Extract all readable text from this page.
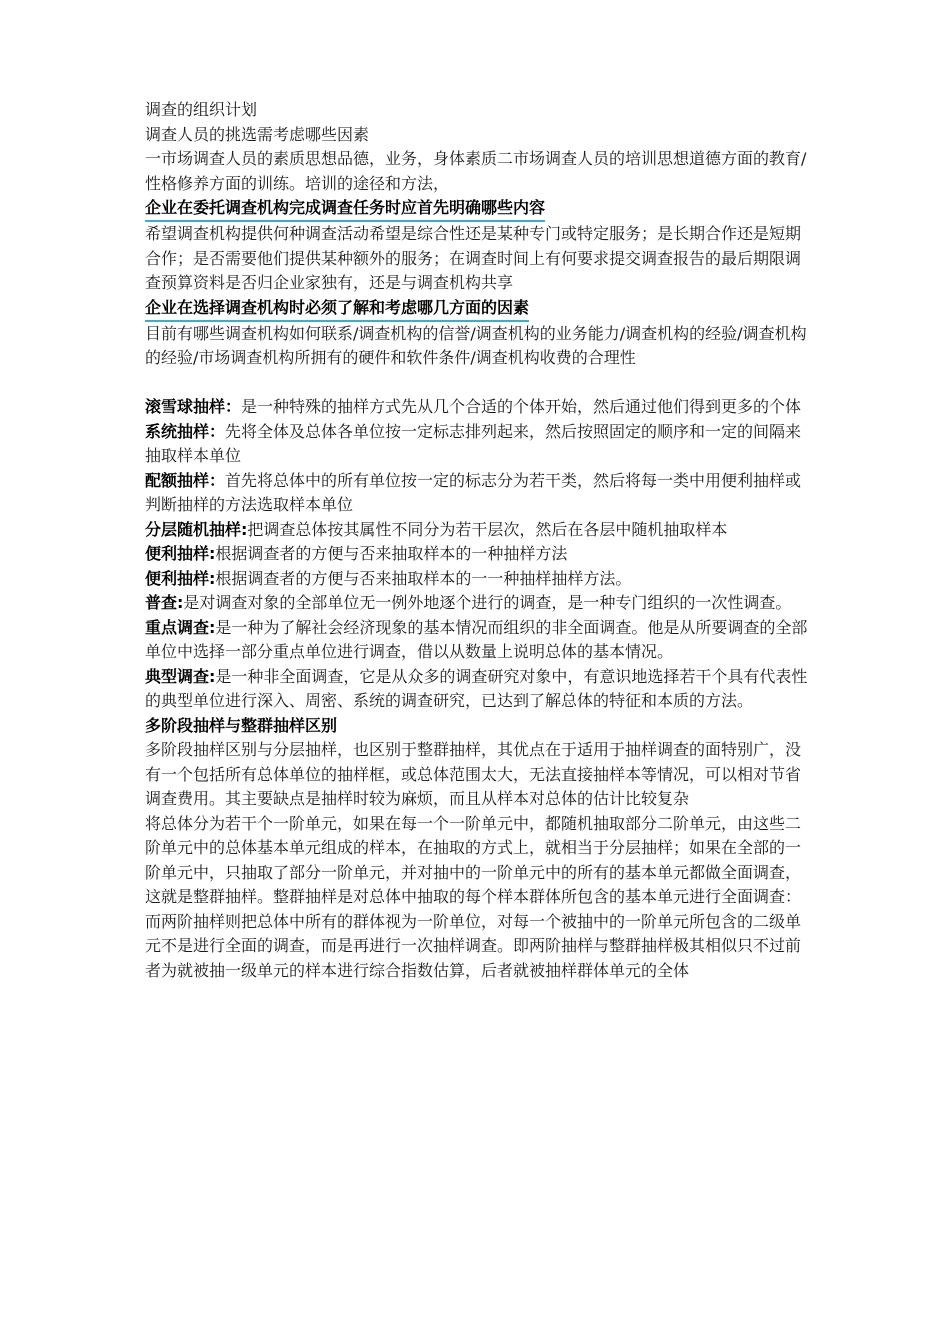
调查的组织计划

调查人员的挑选需考虑哪些因素

一市场调查人员的素质思想品德，业务，身体素质二市场调查人员的培训思想道德方面的教育/性格修养方面的训练。培训的途径和方法，

企业在委托调查机构完成调查任务时应首先明确哪些内容

希望调查机构提供何种调查活动希望是综合性还是某种专门或特定服务；是长期合作还是短期合作；是否需要他们提供某种额外的服务；在调查时间上有何要求提交调查报告的最后期限调查预算资料是否归企业家独有，还是与调查机构共享

企业在选择调查机构时必须了解和考虑哪几方面的因素

目前有哪些调查机构如何联系/调查机构的信誉/调查机构的业务能力/调查机构的经验/调查机构的经验/市场调查机构所拥有的硬件和软件条件/调查机构收费的合理性

滚雪球抽样：是一种特殊的抽样方式先从几个合适的个体开始，然后通过他们得到更多的个体

系统抽样：先将全体及总体各单位按一定标志排列起来，然后按照固定的顺序和一定的间隔来抽取样本单位

配额抽样：首先将总体中的所有单位按一定的标志分为若干类，然后将每一类中用便利抽样或判断抽样的方法选取样本单位

分层随机抽样:把调查总体按其属性不同分为若干层次，然后在各层中随机抽取样本

便利抽样:根据调查者的方便与否来抽取样本的一种抽样方法

便利抽样:根据调查者的方便与否来抽取样本的一一种抽样抽样方法。

普查:是对调查对象的全部单位无一例外地逐个进行的调查，是一种专门组织的一次性调查。

重点调查:是一种为了解社会经济现象的基本情况而组织的非全面调查。他是从所要调查的全部单位中选择一部分重点单位进行调查，借以从数量上说明总体的基本情况。

典型调查:是一种非全面调查，它是从众多的调查研究对象中，有意识地选择若干个具有代表性的典型单位进行深入、周密、系统的调查研究，已达到了解总体的特征和本质的方法。

多阶段抽样与整群抽样区别

多阶段抽样区别与分层抽样，也区别于整群抽样，其优点在于适用于抽样调查的面特别广，没有一个包括所有总体单位的抽样框，或总体范围太大，无法直接抽样本等情况，可以相对节省调查费用。其主要缺点是抽样时较为麻烦，而且从样本对总体的估计比较复杂

将总体分为若干个一阶单元，如果在每一个一阶单元中，都随机抽取部分二阶单元，由这些二阶单元中的总体基本单元组成的样本，在抽取的方式上，就相当于分层抽样；如果在全部的一阶单元中，只抽取了部分一阶单元，并对抽中的一阶单元中的所有的基本单元都做全面调查，这就是整群抽样。整群抽样是对总体中抽取的每个样本群体所包含的基本单元进行全面调查：而两阶抽样则把总体中所有的群体视为一阶单位，对每一个被抽中的一阶单元所包含的二级单元不是进行全面的调查，而是再进行一次抽样调查。即两阶抽样与整群抽样极其相似只不过前者为就被抽一级单元的样本进行综合指数估算，后者就被抽样群体单元的全体
